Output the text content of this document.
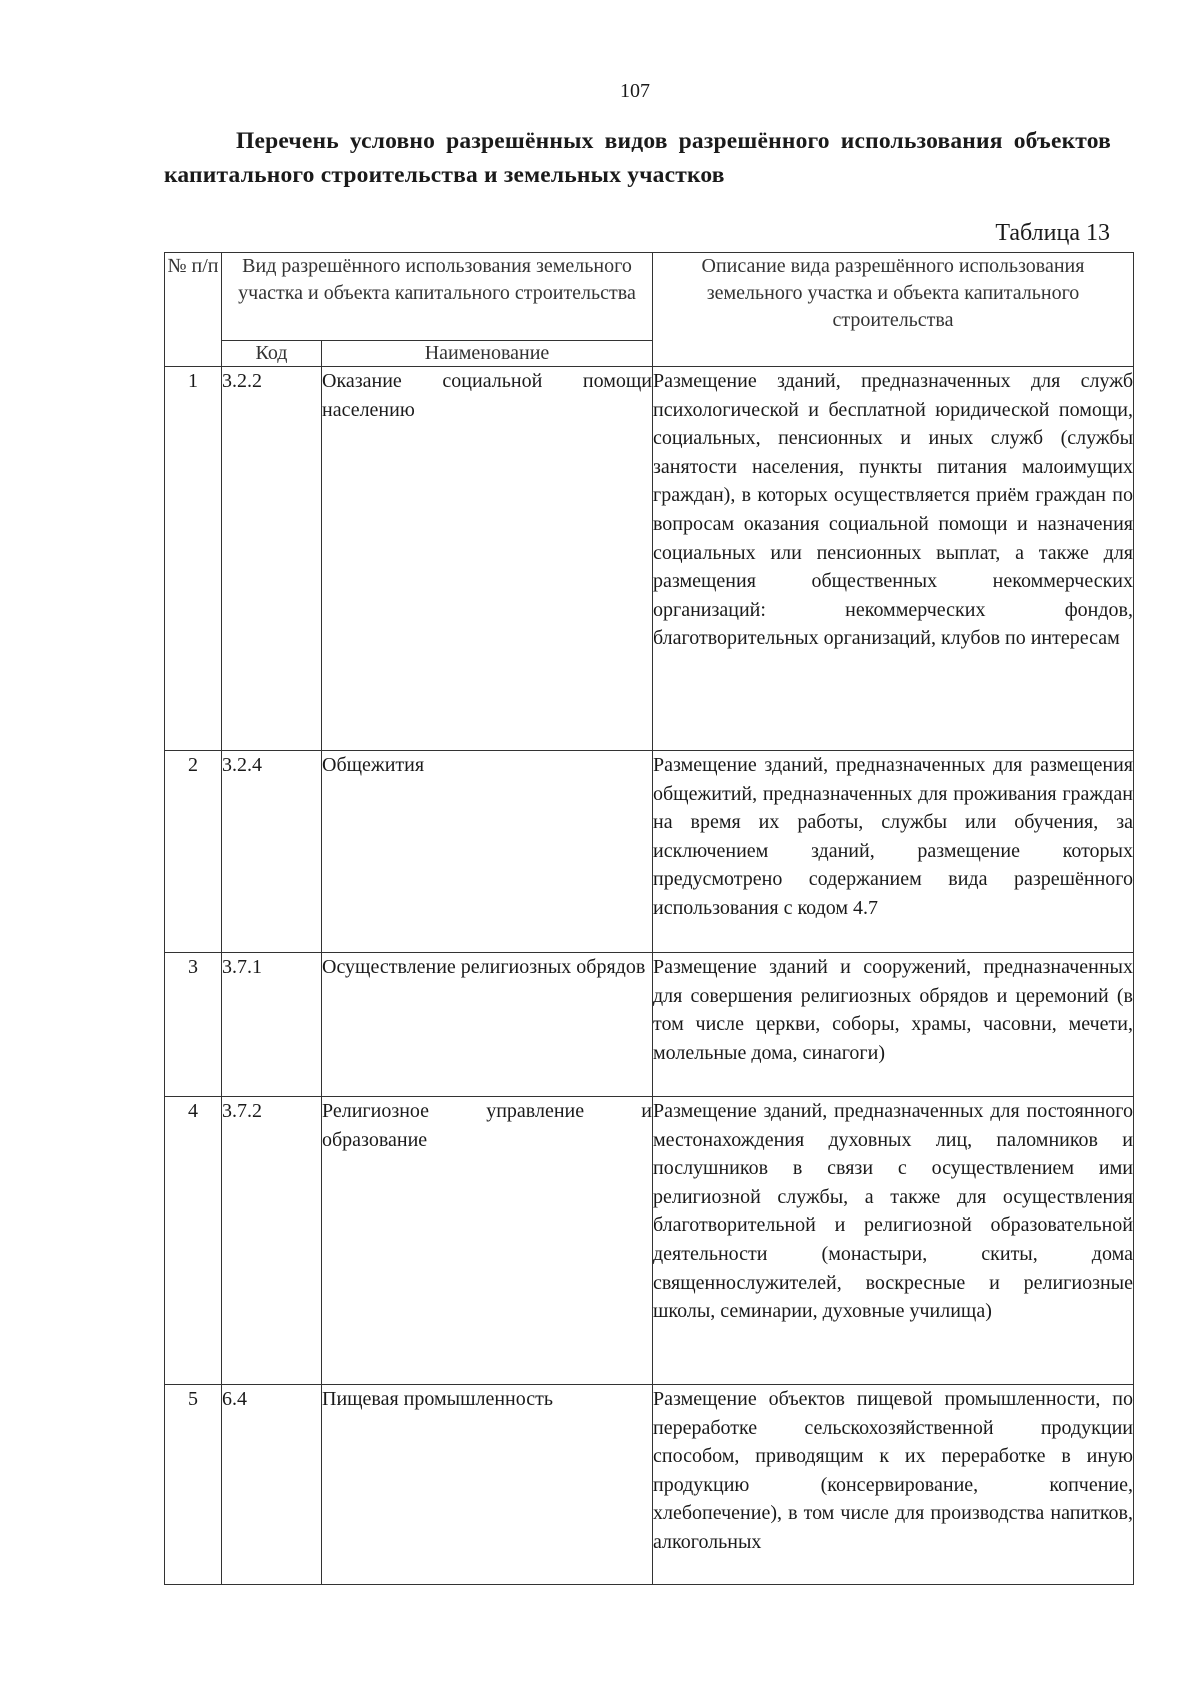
107
Перечень условно разрешённых видов разрешённого использования объектов капитального строительства и земельных участков
Таблица 13
№ п/п	Вид разрешённого использования земельного участка и объекта капитального строительства		Описание вида разрешённого использования земельного участка и объекта капитального строительства
	Код	Наименование	
1	3.2.2	Оказание социальной помощи населению	Размещение зданий, предназначенных для служб психологической и бесплатной юридической помощи, социальных, пенсионных и иных служб (службы занятости населения, пункты питания малоимущих граждан), в которых осуществляется приём граждан по вопросам оказания социальной помощи и назначения социальных или пенсионных выплат, а также для размещения общественных некоммерческих организаций: некоммерческих фондов, благотворительных организаций, клубов по интересам
2	3.2.4	Общежития	Размещение зданий, предназначенных для размещения общежитий, предназначенных для проживания граждан на время их работы, службы или обучения, за исключением зданий, размещение которых предусмотрено содержанием вида разрешённого использования с кодом 4.7
3	3.7.1	Осуществление религиозных обрядов	Размещение зданий и сооружений, предназначенных для совершения религиозных обрядов и церемоний (в том числе церкви, соборы, храмы, часовни, мечети, молельные дома, синагоги)
4	3.7.2	Религиозное управление и образование	Размещение зданий, предназначенных для постоянного местонахождения духовных лиц, паломников и послушников в связи с осуществлением ими религиозной службы, а также для осуществления благотворительной и религиозной образовательной деятельности (монастыри, скиты, дома священнослужителей, воскресные и религиозные школы, семинарии, духовные училища)
5	6.4	Пищевая промышленность	Размещение объектов пищевой промышленности, по переработке сельскохозяйственной продукции способом, приводящим к их переработке в иную продукцию (консервирование, копчение, хлебопечение), в том числе для производства напитков, алкогольных
